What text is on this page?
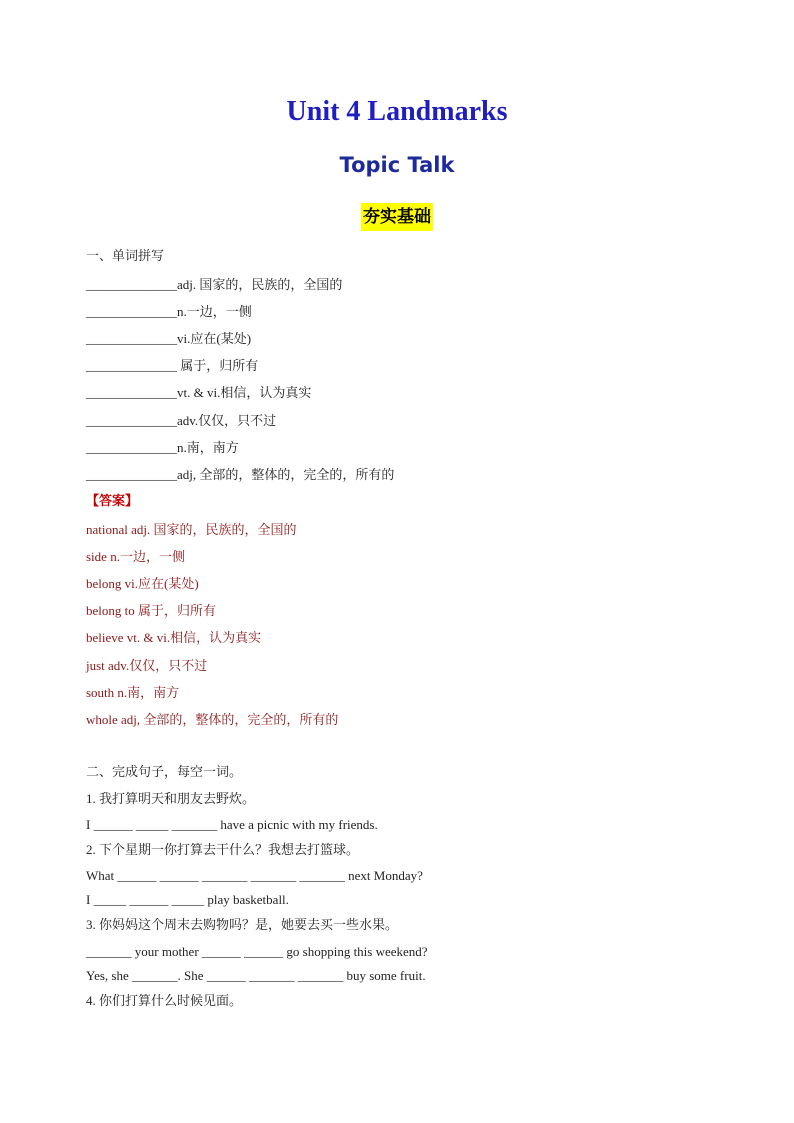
Unit 4 Landmarks
Topic Talk
夯实基础
一、单词拼写
______________adj. 国家的，民族的，全国的
______________n.一边，一侧
______________vi.应在(某处)
______________ 属于，归所有
______________vt. & vi.相信，认为真实
______________adv.仅仅，只不过
______________n.南，南方
______________adj, 全部的，整体的，完全的，所有的
【答案】
national adj. 国家的，民族的，全国的
side n.一边，一侧
belong vi.应在(某处)
belong to 属于，归所有
believe vt. & vi.相信，认为真实
just adv.仅仅，只不过
south n.南，南方
whole adj, 全部的，整体的，完全的，所有的
二、完成句子，每空一词。
1. 我打算明天和朋友去野炊。
I ______ _____ _______ have a picnic with my friends.
2. 下个星期一你打算去干什么？我想去打篮球。
What ______ ______ _______ _______ _______ next Monday?
I _____ ______ _____ play basketball.
3. 你妈妈这个周末去购物吗？是，她要去买一些水果。
_______ your mother ______ ______ go shopping this weekend?
Yes, she _______. She ______ _______ _______ buy some fruit.
4. 你们打算什么时候见面。
